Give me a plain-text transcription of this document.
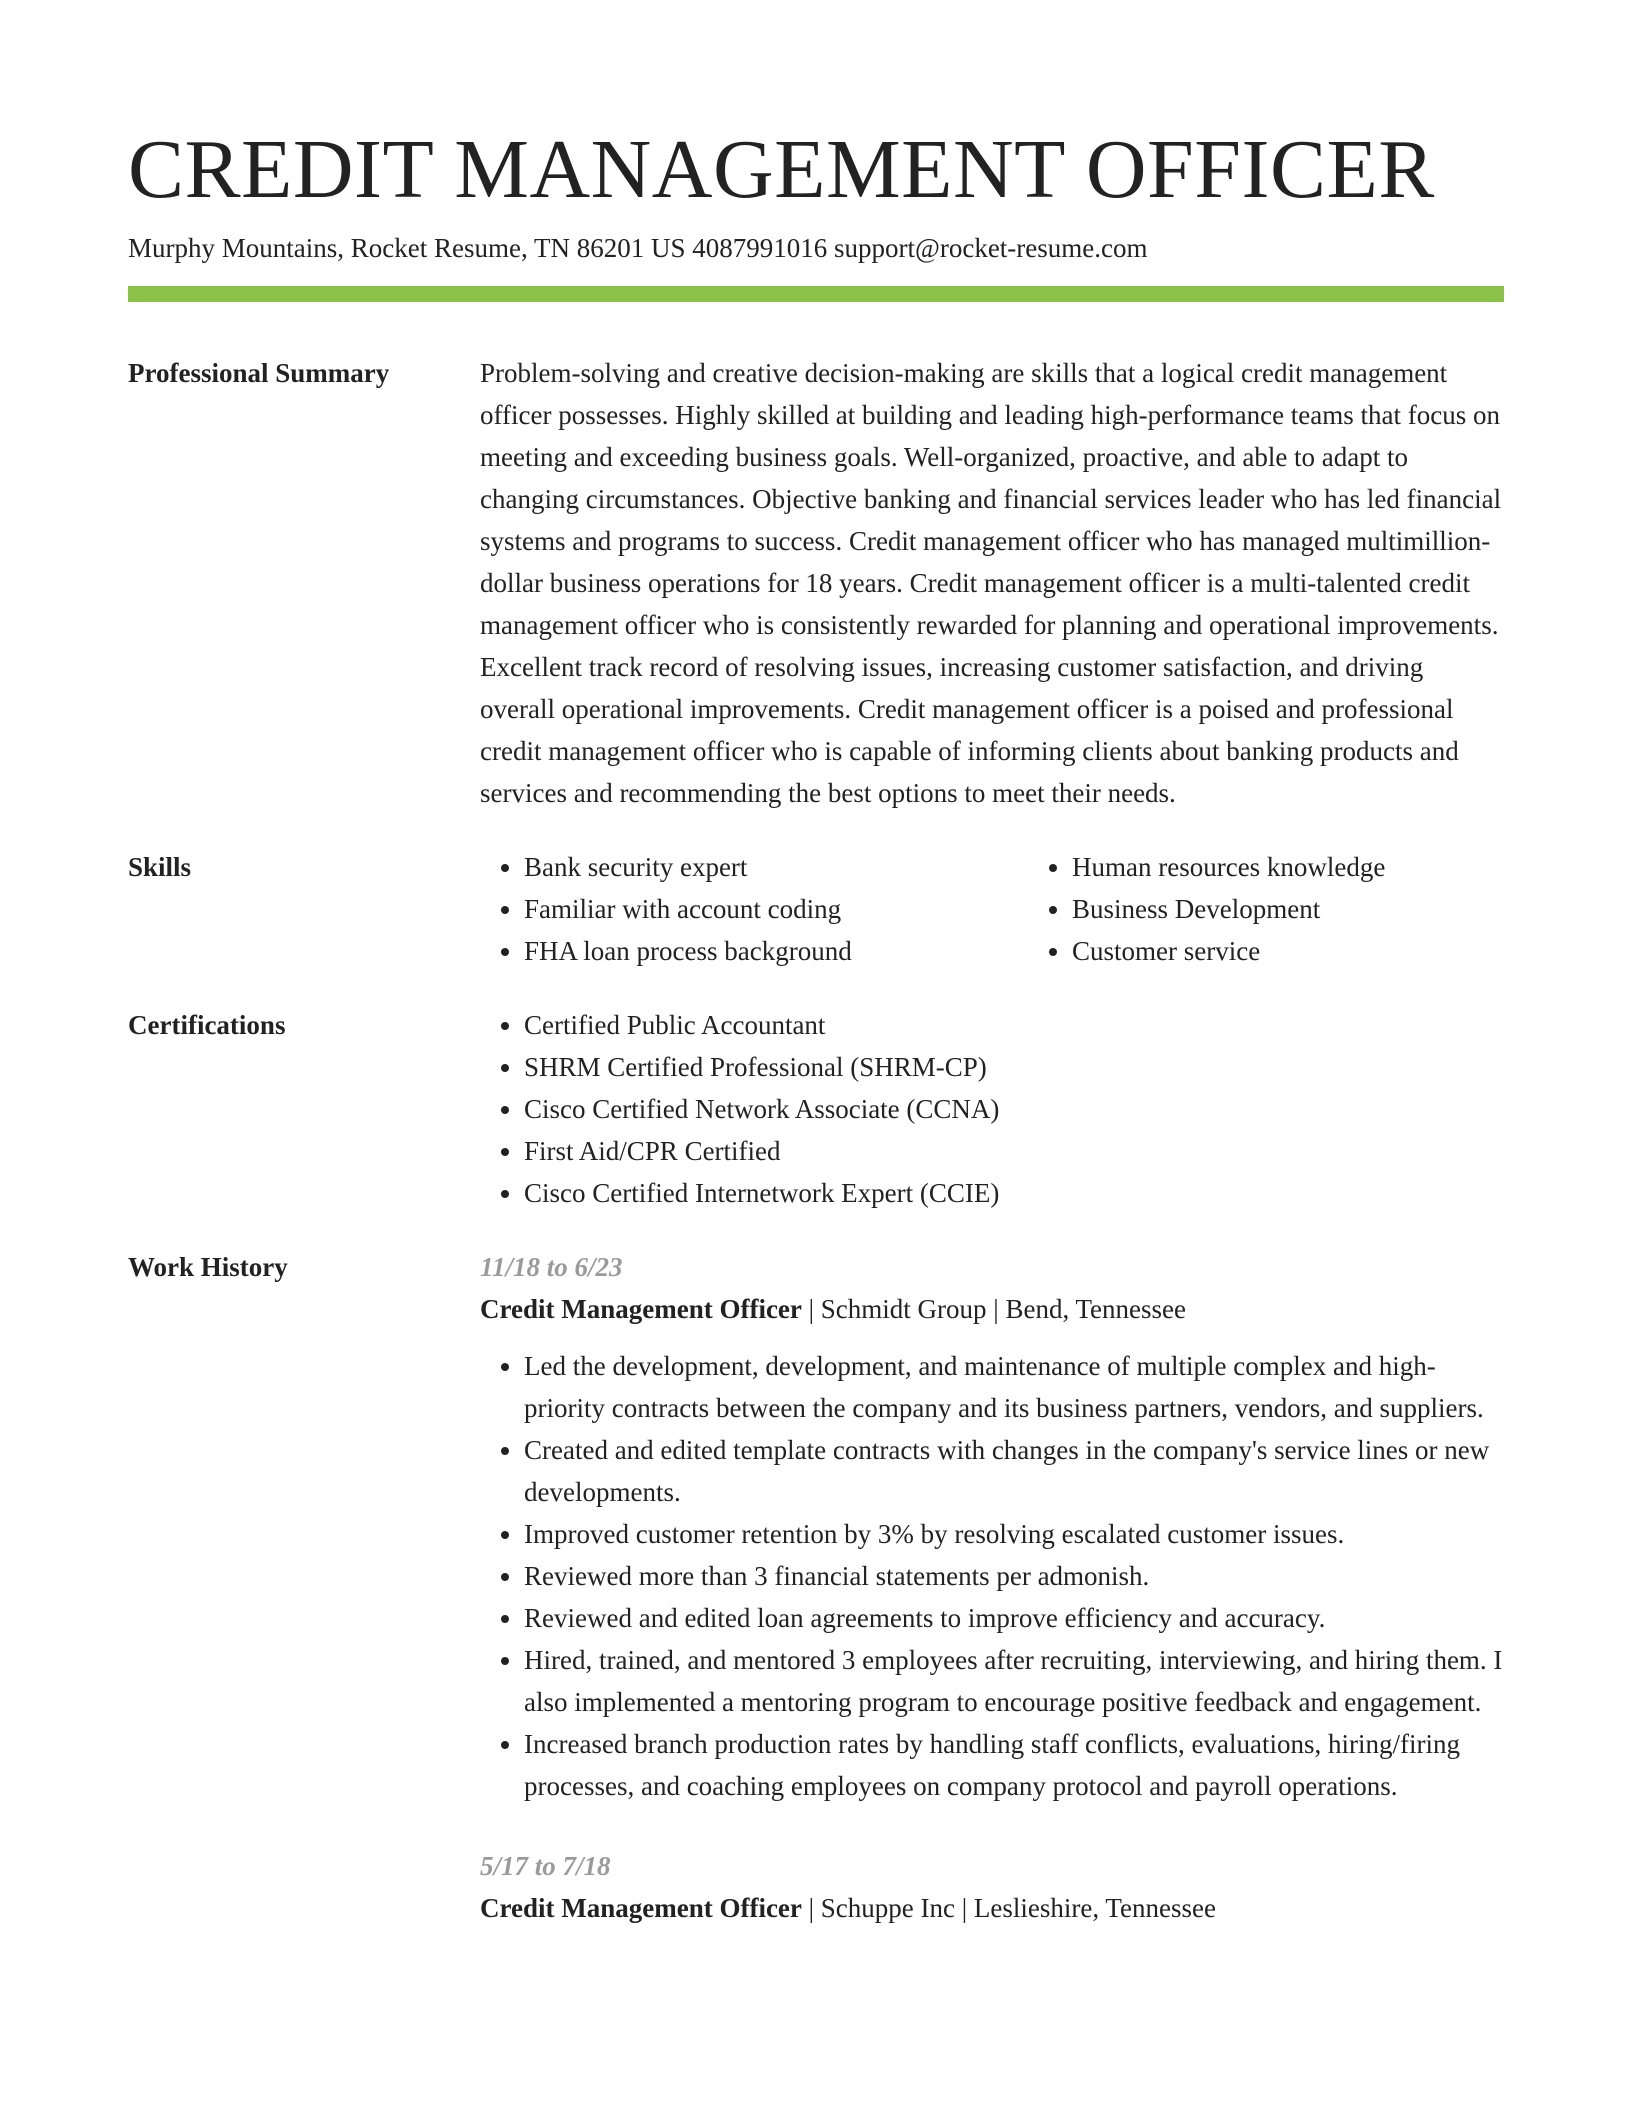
CREDIT MANAGEMENT OFFICER
Murphy Mountains, Rocket Resume, TN 86201 US 4087991016 support@rocket-resume.com
Professional Summary	Problem-solving and creative decision-making are skills that a logical credit management officer possesses. Highly skilled at building and leading high-performance teams that focus on meeting and exceeding business goals. Well-organized, proactive, and able to adapt to changing circumstances. Objective banking and financial services leader who has led financial systems and programs to success. Credit management officer who has managed multimillion-dollar business operations for 18 years. Credit management officer is a multi-talented credit management officer who is consistently rewarded for planning and operational improvements. Excellent track record of resolving issues, increasing customer satisfaction, and driving overall operational improvements. Credit management officer is a poised and professional credit management officer who is capable of informing clients about banking products and services and recommending the best options to meet their needs.
Skills	• Bank security expert
• Familiar with account coding
• FHA loan process background
• Human resources knowledge
• Business Development
• Customer service
Certifications	• Certified Public Accountant
• SHRM Certified Professional (SHRM-CP)
• Cisco Certified Network Associate (CCNA)
• First Aid/CPR Certified
• Cisco Certified Internetwork Expert (CCIE)
Work History	11/18 to 6/23
Credit Management Officer | Schmidt Group | Bend, Tennessee
• Led the development, development, and maintenance of multiple complex and high-priority contracts between the company and its business partners, vendors, and suppliers.
• Created and edited template contracts with changes in the company's service lines or new developments.
• Improved customer retention by 3% by resolving escalated customer issues.
• Reviewed more than 3 financial statements per admonish.
• Reviewed and edited loan agreements to improve efficiency and accuracy.
• Hired, trained, and mentored 3 employees after recruiting, interviewing, and hiring them. I also implemented a mentoring program to encourage positive feedback and engagement.
• Increased branch production rates by handling staff conflicts, evaluations, hiring/firing processes, and coaching employees on company protocol and payroll operations.
5/17 to 7/18
Credit Management Officer | Schuppe Inc | Leslieshire, Tennessee
